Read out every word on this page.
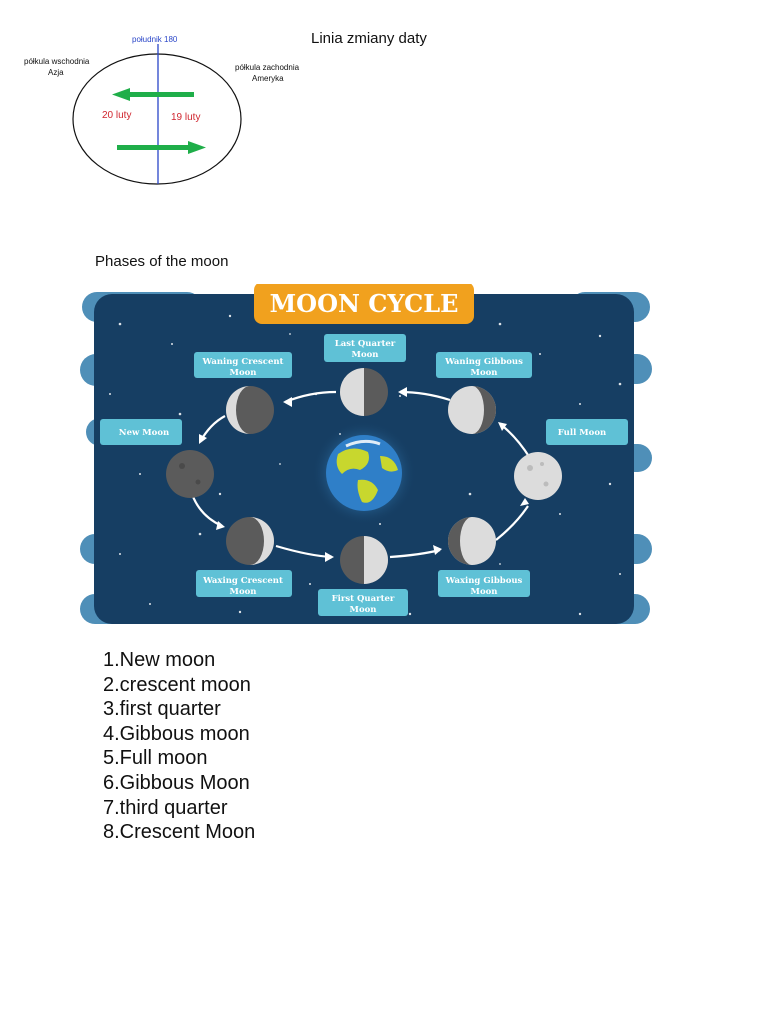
Linia zmiany daty
południk 180
półkula wschodnia
Azja
półkula zachodnia
Ameryka
20 luty	19 luty
Phases of the moon
MOON CYCLE
Last Quarter
Moon
Waning Crescent
Moon
Waning Gibbous
Moon
New Moon	Full Moon
Waxing Crescent
Moon
First Quarter
Moon
Waxing Gibbous
Moon
1.New moon
2.crescent moon
3.first quarter
4.Gibbous moon
5.Full moon
6.Gibbous Moon
7.third quarter
8.Crescent Moon
